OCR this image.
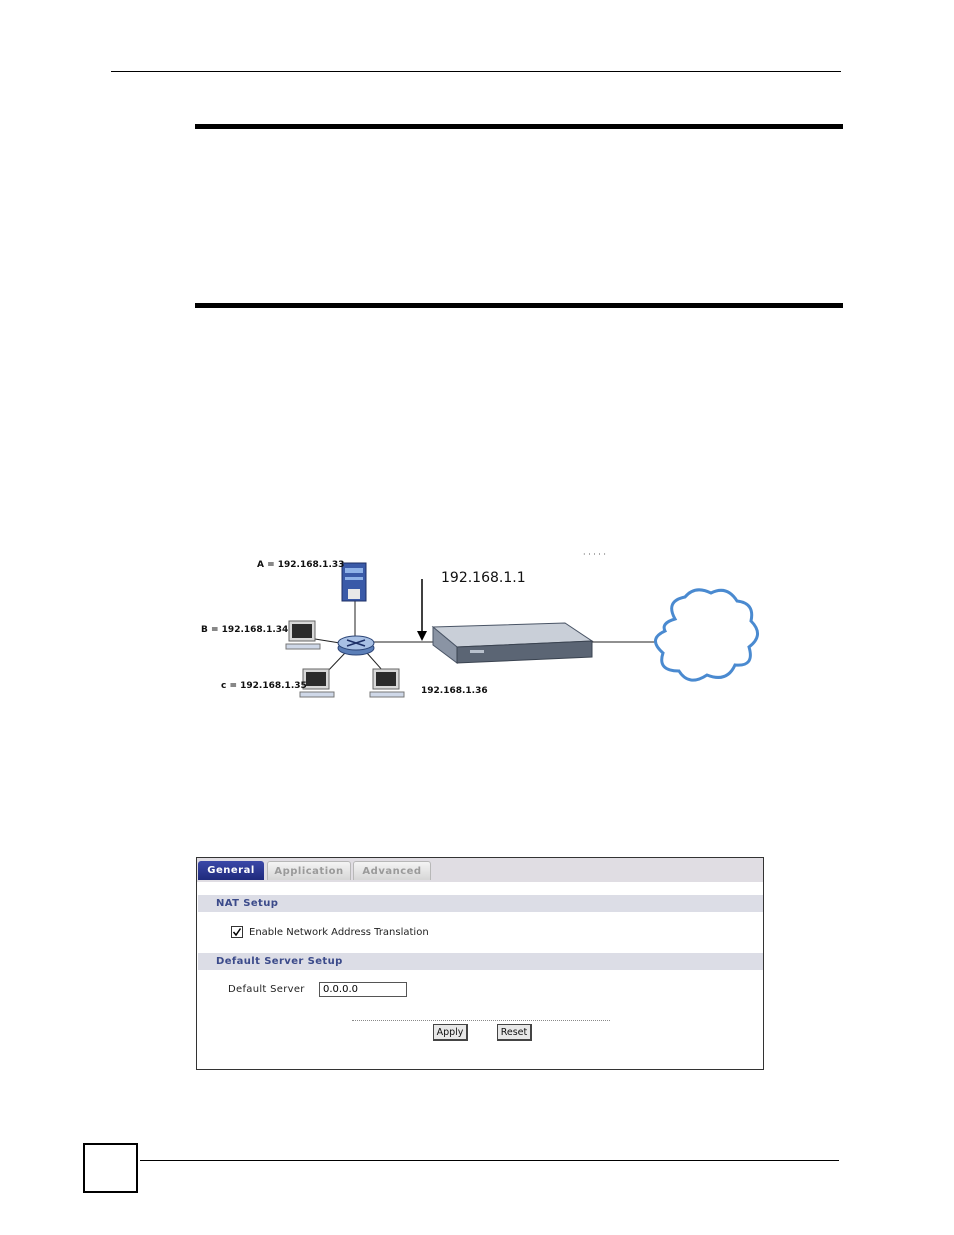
A = 192.168.1.33
B = 192.168.1.34
c = 192.168.1.35	192.168.1.36
192.168.1.1
· · · · ·
General	Application	Advanced
NAT Setup
Enable Network Address Translation
Default Server Setup
Default Server
0.0.0.0
Apply	Reset
